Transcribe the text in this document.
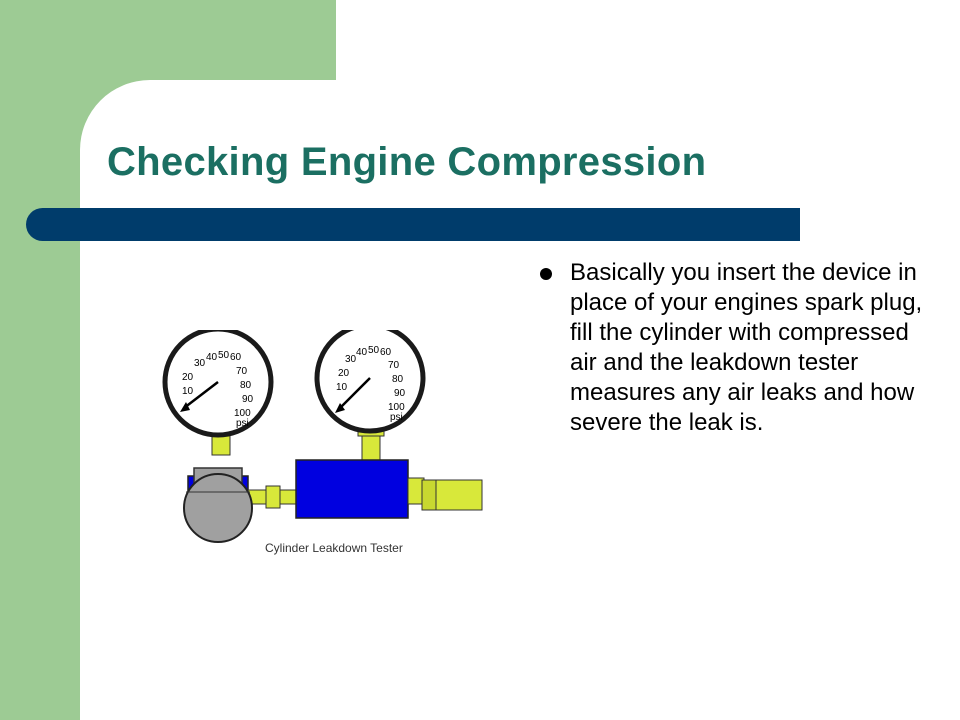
Checking Engine Compression
30
40 50 60
20
10
70
80
90
100
psi
30
40 50 60
20
10
70
80
90
100
psi
Cylinder Leakdown Tester
Basically you insert the device in place of your engines spark plug, fill the cylinder with compressed air and the leakdown tester measures any air leaks and how severe the leak is.
